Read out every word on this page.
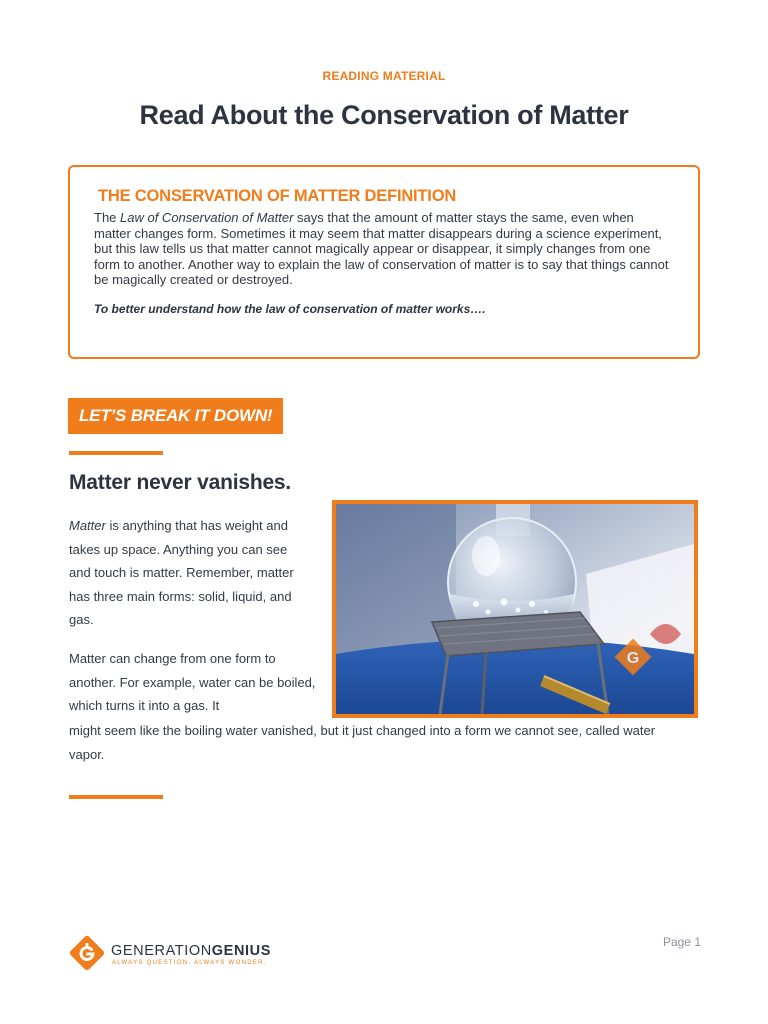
READING MATERIAL
Read About the Conservation of Matter
THE CONSERVATION OF MATTER DEFINITION

The Law of Conservation of Matter says that the amount of matter stays the same, even when matter changes form. Sometimes it may seem that matter disappears during a science experiment, but this law tells us that matter cannot magically appear or disappear, it simply changes from one form to another. Another way to explain the law of conservation of matter is to say that things cannot be magically created or destroyed.

To better understand how the law of conservation of matter works….

LET’S BREAK IT DOWN!
Matter never vanishes.

Matter is anything that has weight and takes up space. Anything you can see and touch is matter. Remember, matter has three main forms: solid, liquid, and gas.

Matter can change from one form to another. For example, water can be boiled, which turns it into a gas. It

might seem like the boiling water vanished, but it just changed into a form we cannot see, called water vapor.

G
GENERATIONGENIUS
ALWAYS QUESTION. ALWAYS WONDER.
Page 1
